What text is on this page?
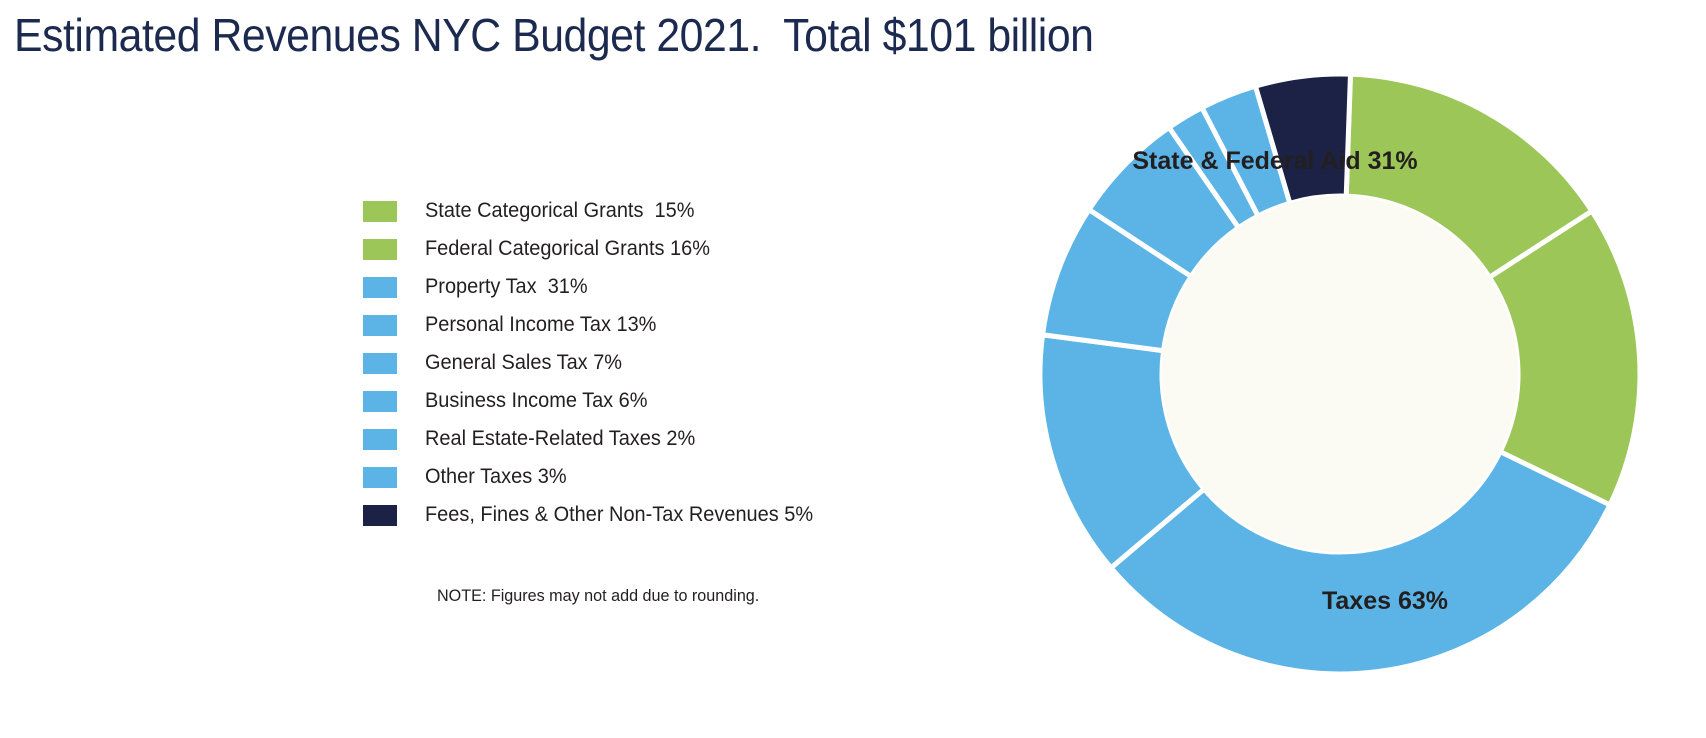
Estimated Revenues NYC Budget 2021.  Total $101 billion
State Categorical Grants  15%
Federal Categorical Grants 16%
Property Tax  31%
Personal Income Tax 13%
General Sales Tax 7%
Business Income Tax 6%
Real Estate-Related Taxes 2%
Other Taxes 3%
Fees, Fines & Other Non-Tax Revenues 5%
NOTE: Figures may not add due to rounding.
State & Federal Aid 31%
Taxes 63%
